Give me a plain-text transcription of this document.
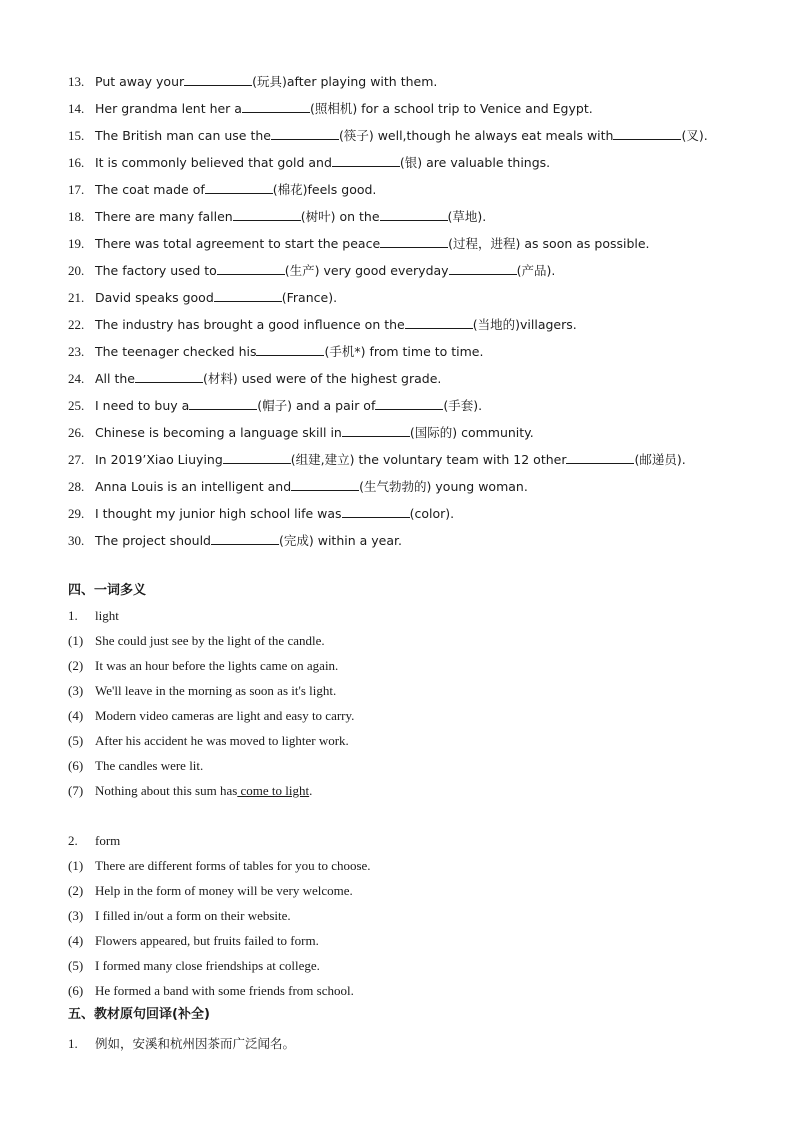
13. Put away your	(玩具)after playing with them.
14. Her grandma lent her a	(照相机) for a school trip to Venice and Egypt.
15. The British man can use the	(筷子) well,though he always eat meals with	(叉).
16. It is commonly believed that gold and	(银) are valuable things.
17. The coat made of	(棉花)feels good.
18. There are many fallen	(树叶) on the	(草地).
19. There was total agreement to start the peace	(过程，进程) as soon as possible.
20. The factory used to	(生产) very good everyday	(产品).
21. David speaks good	(France).
22. The industry has brought a good influence on the	(当地的)villagers.
23. The teenager checked his	(手机*) from time to time.
24. All the	(材料) used were of the highest grade.
25. I need to buy a	(帽子) and a pair of	(手套).
26. Chinese is becoming a language skill in	(国际的) community.
27. In 2019’Xiao Liuying	(组建,建立) the voluntary team with 12 other	(邮递员).
28. Anna Louis is an intelligent and	(生气勃勃的) young woman.
29. I thought my junior high school life was	(color).
30. The project should	(完成) within a year.
四、一词多义
1.	light
(1) She could just see by the light of the candle.
(2) It was an hour before the lights came on again.
(3) We'll leave in the morning as soon as it's light.
(4) Modern video cameras are light and easy to carry.
(5) After his accident he was moved to lighter work.
(6) The candles were lit.
(7) Nothing about this sum has come to light .
2.	form
(1) There are different forms of tables for you to choose.
(2) Help in the form of money will be very welcome.
(3) I filled in/out a form on their website.
(4) Flowers appeared, but fruits failed to form.
(5) I formed many close friendships at college.
(6) He formed a band with some friends from school.
五、教材原句回译(补全)
1.	例如，安溪和杭州因茶而广泛闻名。
